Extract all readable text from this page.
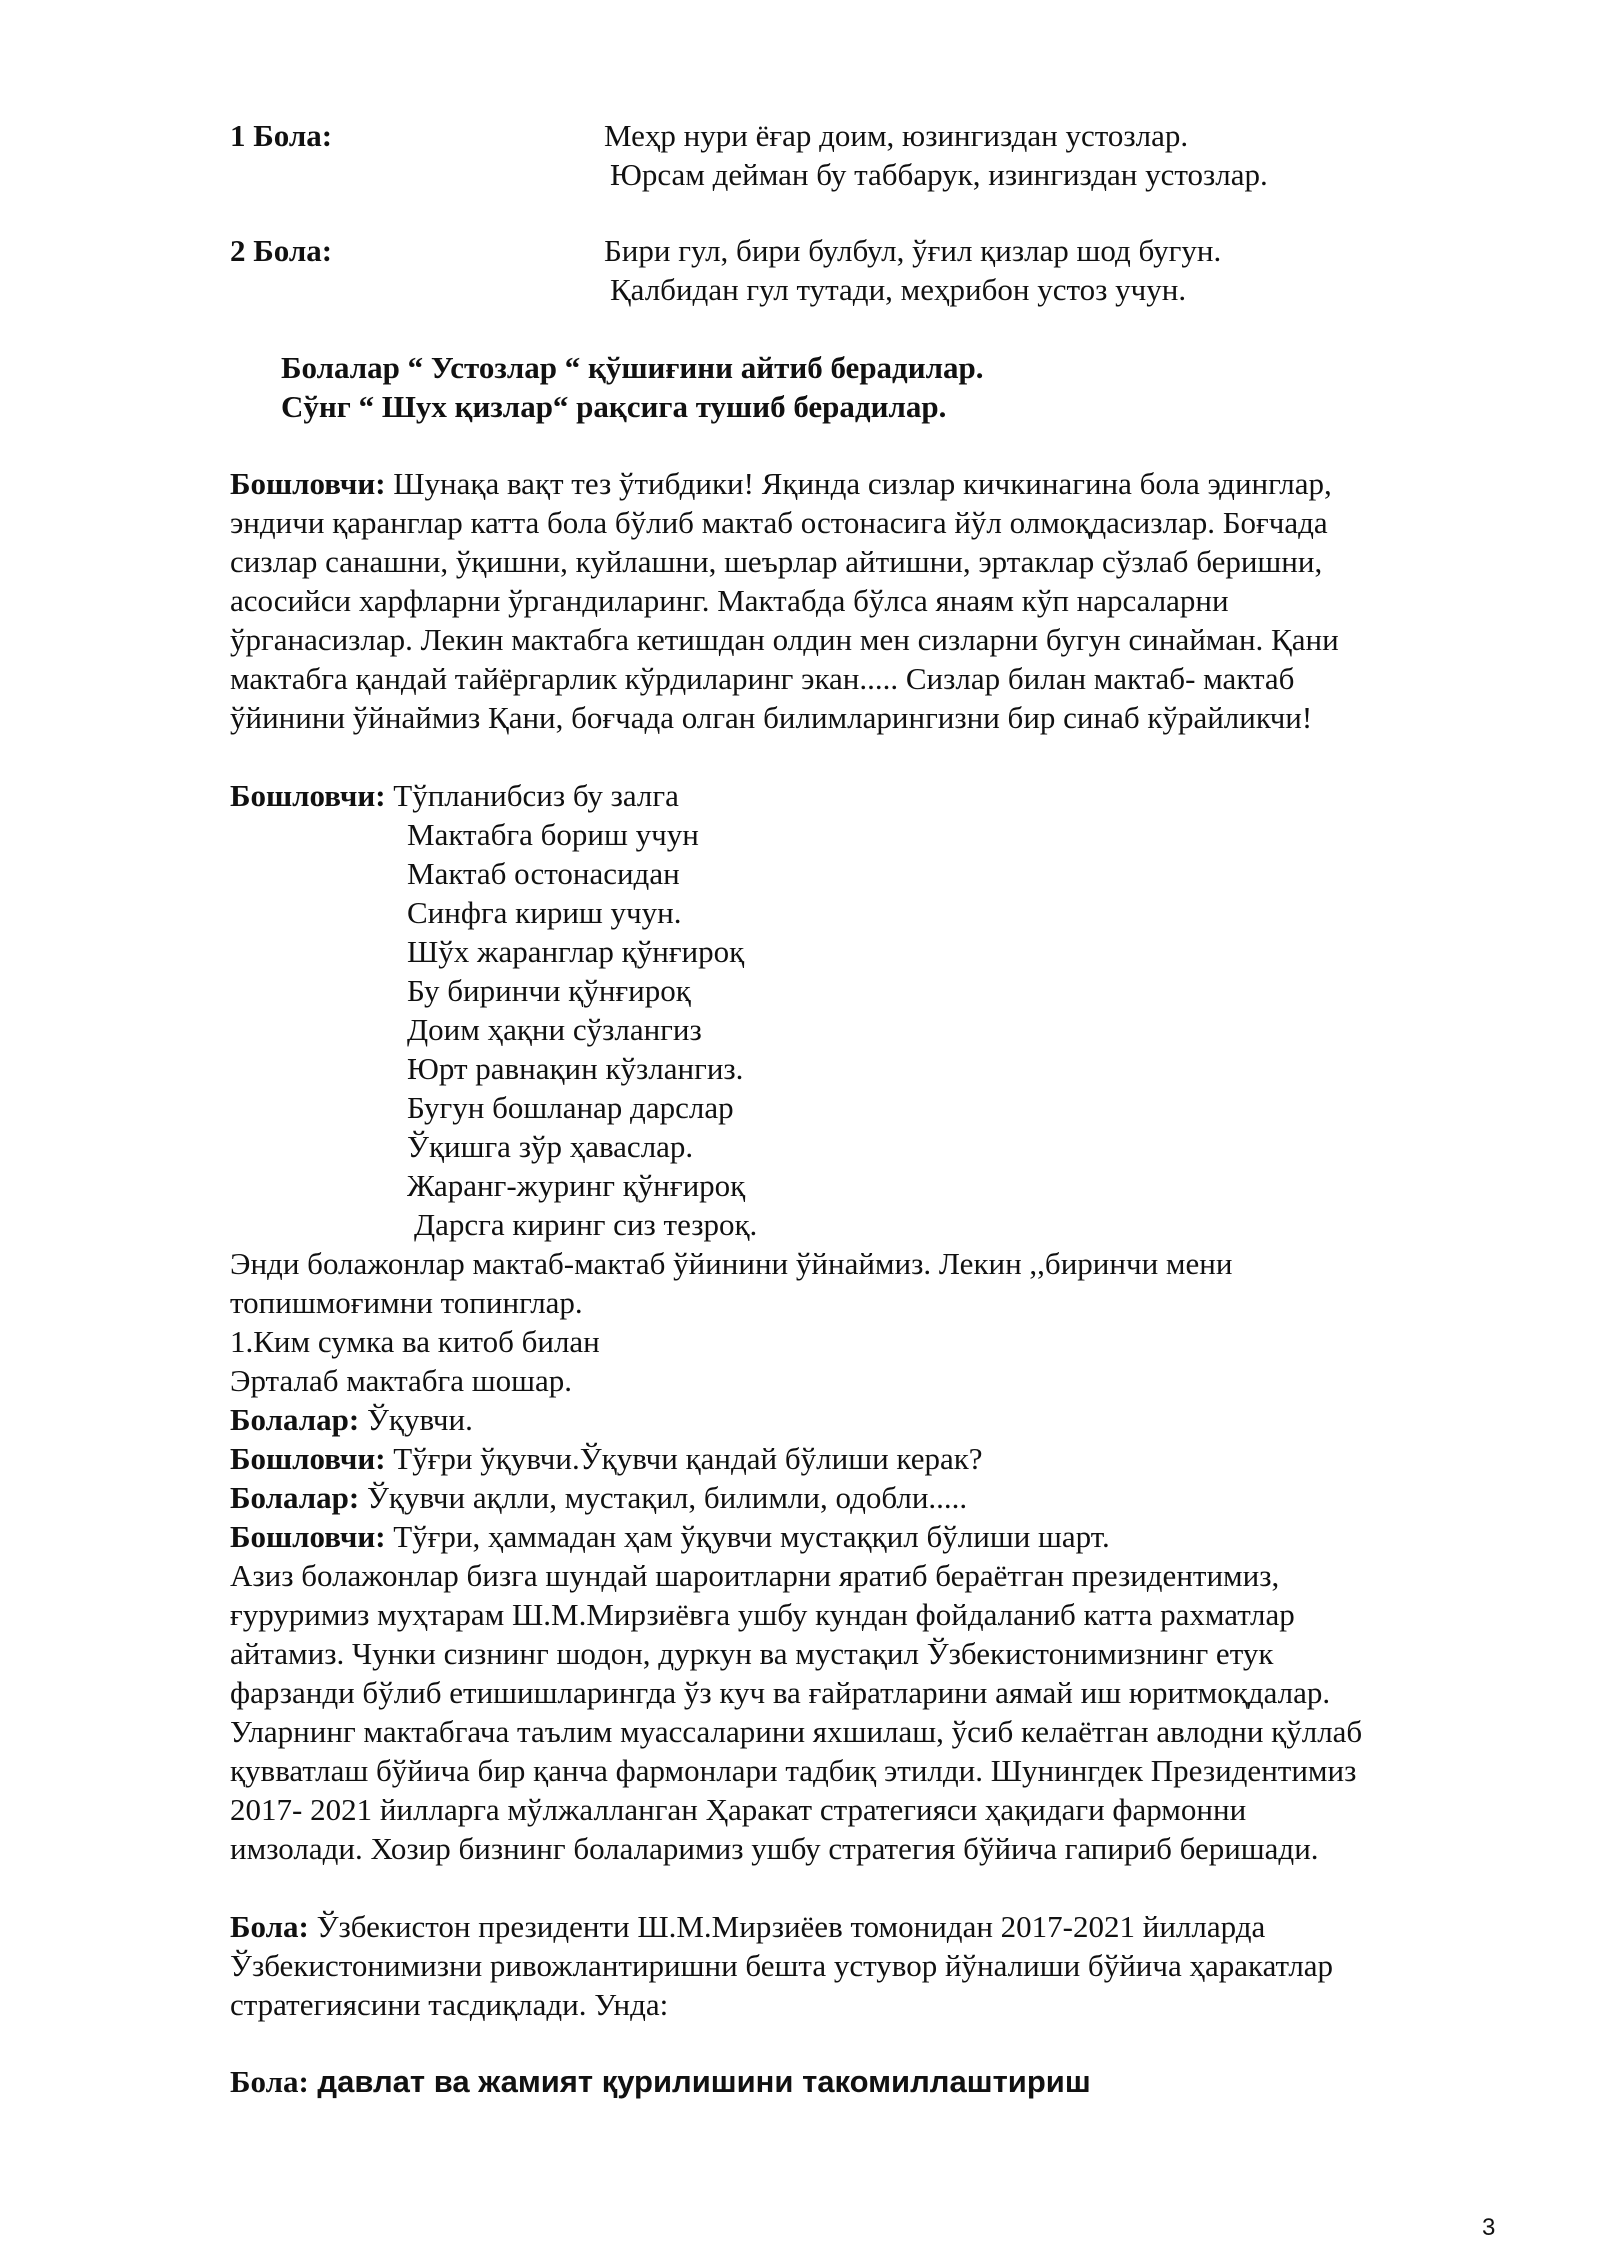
1 Бола:	Меҳр нури ёғар доим, юзингиздан устозлар.
Юрсам дейман бу таббарук, изингиздан устозлар.
2 Бола:	Бири гул, бири булбул, ўғил қизлар шод бугун.
Қалбидан гул тутади, меҳрибон устоз учун.
Болалар “ Устозлар “ қўшиғини айтиб берадилар.
Сўнг “ Шух қизлар“ рақсига тушиб берадилар.
Бошловчи: Шунақа вақт тез ўтибдики! Яқинда сизлар кичкинагина бола эдинглар,
эндичи қаранглар катта бола бўлиб мактаб остонасига йўл олмоқдасизлар. Боғчада
сизлар санашни, ўқишни, куйлашни, шеърлар айтишни, эртаклар сўзлаб беришни,
асосийси харфларни ўргандиларинг. Мактабда бўлса янаям кўп нарсаларни
ўрганасизлар. Лекин мактабга кетишдан олдин мен сизларни бугун синайман. Қани
мактабга қандай тайёргарлик кўрдиларинг экан..... Сизлар билан мактаб- мактаб
ўйинини ўйнаймиз Қани, боғчада олган билимларингизни бир синаб кўрайликчи!
Бошловчи: Тўпланибсиз бу залга
Мактабга бориш учун
Мактаб остонасидан
Синфга кириш учун.
Шўх жаранглар қўнғироқ
Бу биринчи қўнғироқ
Доим ҳақни сўзлангиз
Юрт равнақин кўзлангиз.
Бугун бошланар дарслар
Ўқишга зўр ҳаваслар.
Жаранг-журинг қўнғироқ
Дарсга киринг сиз тезроқ.
Энди болажонлар мактаб-мактаб ўйинини ўйнаймиз. Лекин ,,биринчи мени
топишмоғимни топинглар.
1.Ким сумка ва китоб билан
Эрталаб мактабга шошар.
Болалар: Ўқувчи.
Бошловчи: Тўғри ўқувчи.Ўқувчи қандай бўлиши керак?
Болалар: Ўқувчи ақлли, мустақил, билимли, одобли.....
Бошловчи: Тўғри, ҳаммадан ҳам ўқувчи мустаққил бўлиши шарт.
Азиз болажонлар бизга шундай шароитларни яратиб бераётган президентимиз,
ғуруримиз муҳтарам Ш.М.Мирзиёвга ушбу кундан фойдаланиб катта рахматлар
айтамиз. Чунки сизнинг шодон, дуркун ва мустақил Ўзбекистонимизнинг етук
фарзанди бўлиб етишишларингда ўз куч ва ғайратларини аямай иш юритмоқдалар.
Уларнинг мактабгача таълим муассаларини яхшилаш, ўсиб келаётган авлодни қўллаб
қувватлаш бўйича бир қанча фармонлари тадбиқ этилди. Шунингдек Президентимиз
2017- 2021 йилларга мўлжалланган Ҳаракат стратегияси ҳақидаги фармонни
имзолади. Хозир бизнинг болаларимиз ушбу стратегия бўйича гапириб беришади.
Бола: Ўзбекистон президенти Ш.М.Мирзиёев томонидан 2017-2021 йилларда
Ўзбекистонимизни ривожлантиришни бешта устувор йўналиши бўйича ҳаракатлар
стратегиясини тасдиқлади. Унда:
Бола: давлат ва жамият қурилишини такомиллаштириш
3
